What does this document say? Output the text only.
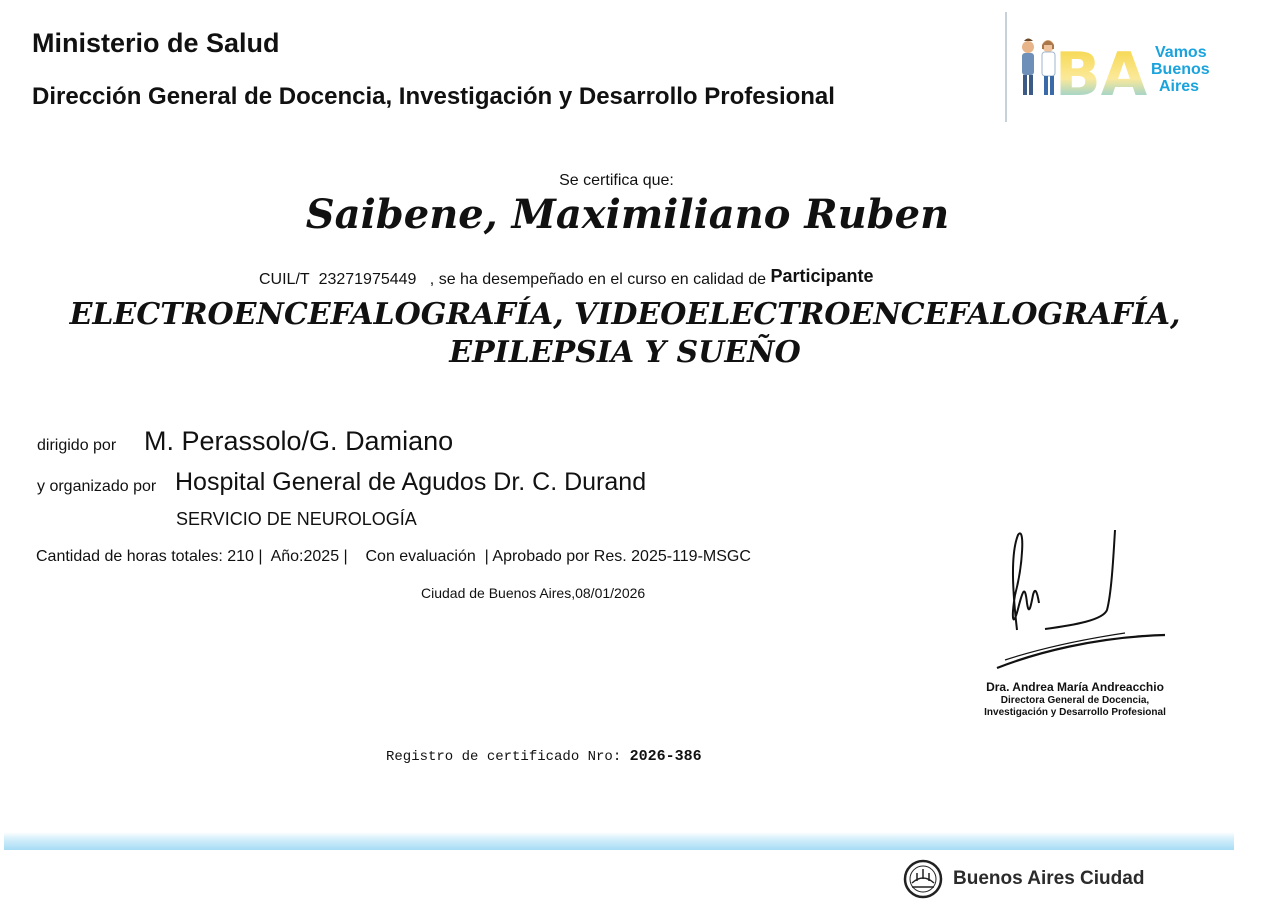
Ministerio de Salud
Dirección General de Docencia, Investigación y Desarrollo Profesional	BA Vamos
Buenos
Aires
Se certifica que:
Saibene, Maximiliano Ruben
CUIL/T 23271975449 , se ha desempeñado en el curso en calidad de Participante
ELECTROENCEFALOGRAFÍA, VIDEOELECTROENCEFALOGRAFÍA,
EPILEPSIA Y SUEÑO
dirigido por M. Perassolo/G. Damiano
y organizado por Hospital General de Agudos Dr. C. Durand
SERVICIO DE NEUROLOGÍA
Cantidad de horas totales: 210 | Año:2025 | Con evaluación | Aprobado por Res. 2025-119-MSGC
Ciudad de Buenos Aires,08/01/2026
Dra. Andrea María Andreacchio
Directora General de Docencia,
Investigación y Desarrollo Profesional
Registro de certificado Nro: 2026-386
Buenos Aires Ciudad
